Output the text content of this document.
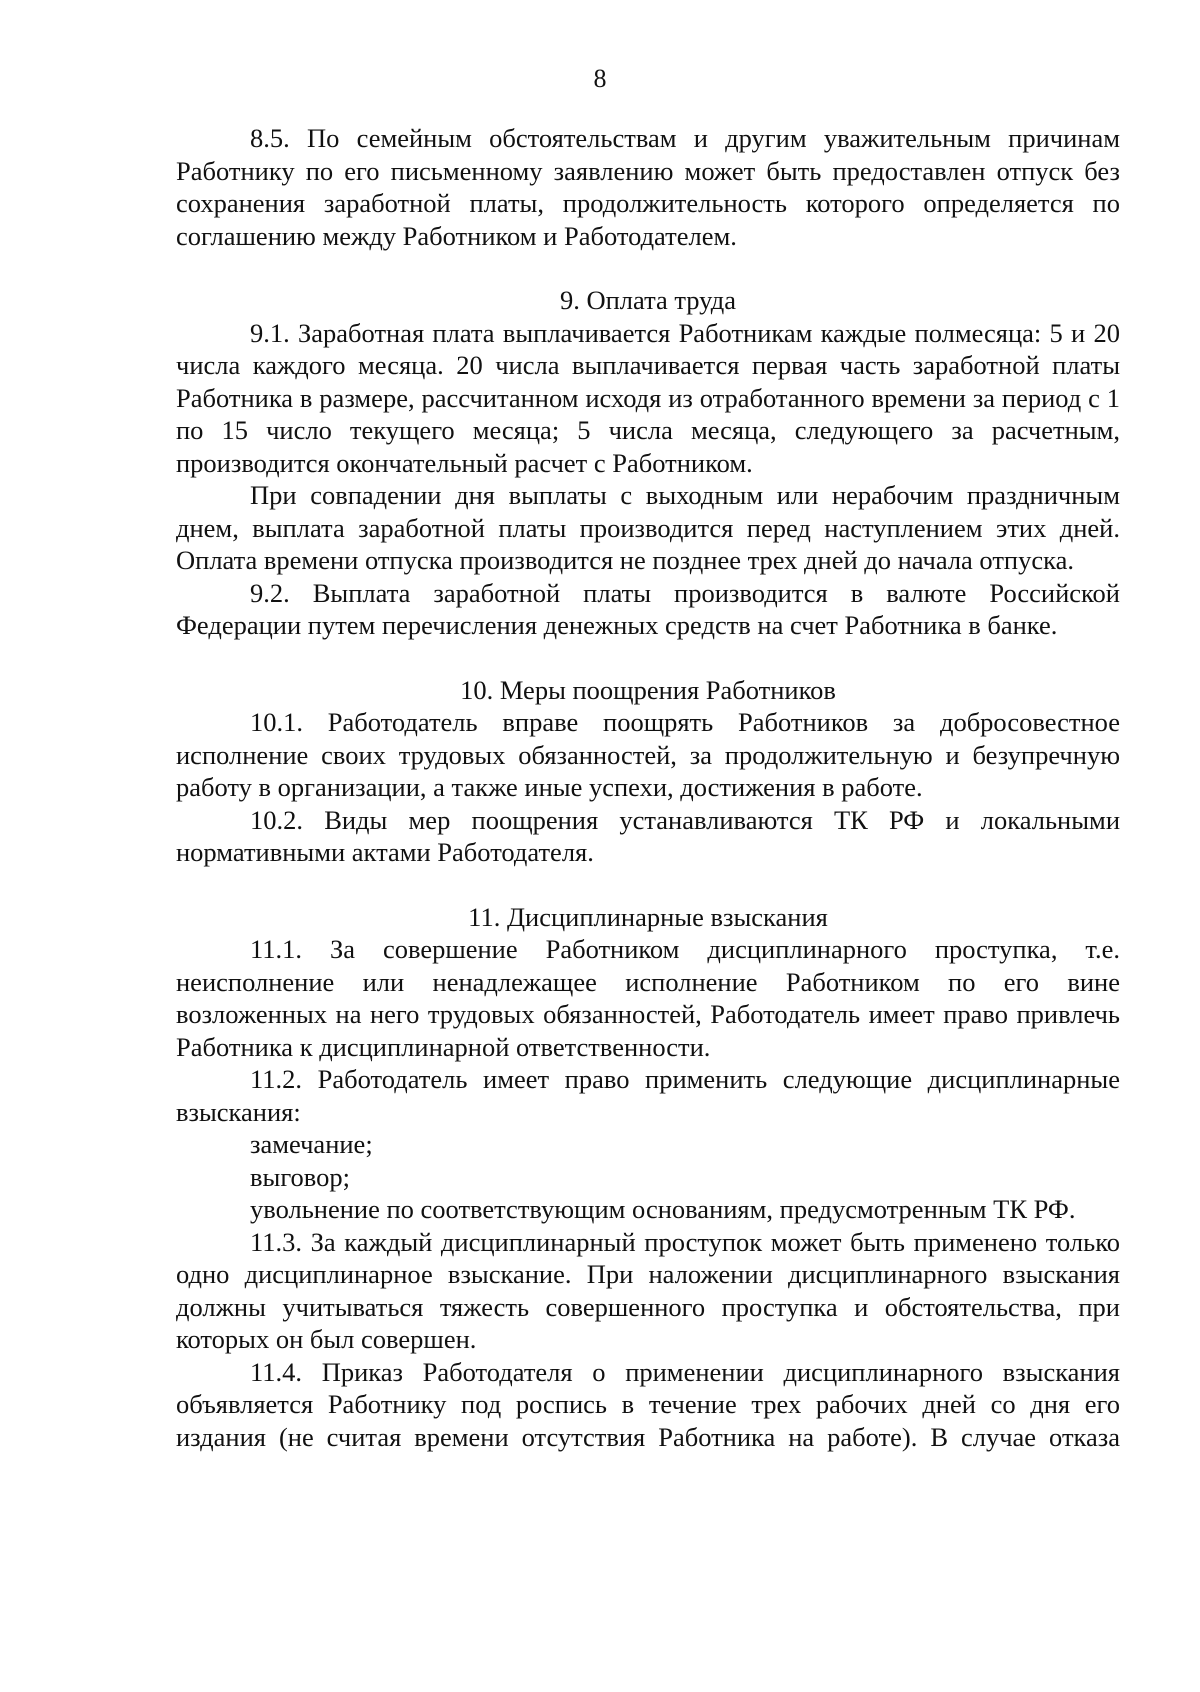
8

8.5. По семейным обстоятельствам и другим уважительным причинам Работнику по его письменному заявлению может быть предоставлен отпуск без сохранения заработной платы, продолжительность которого определяется по соглашению между Работником и Работодателем.

9. Оплата труда

9.1. Заработная плата выплачивается Работникам каждые полмесяца: 5 и 20 числа каждого месяца. 20 числа выплачивается первая часть заработной платы Работника в размере, рассчитанном исходя из отработанного времени за период с 1 по 15 число текущего месяца; 5 числа месяца, следующего за расчетным, производится окончательный расчет с Работником.

При совпадении дня выплаты с выходным или нерабочим праздничным днем, выплата заработной платы производится перед наступлением этих дней. Оплата времени отпуска производится не позднее трех дней до начала отпуска.

9.2. Выплата заработной платы производится в валюте Российской Федерации путем перечисления денежных средств на счет Работника в банке.

10. Меры поощрения Работников

10.1. Работодатель вправе поощрять Работников за добросовестное исполнение своих трудовых обязанностей, за продолжительную и безупречную работу в организации, а также иные успехи, достижения в работе.

10.2. Виды мер поощрения устанавливаются ТК РФ и локальными нормативными актами Работодателя.

11. Дисциплинарные взыскания

11.1. За совершение Работником дисциплинарного проступка, т.е. неисполнение или ненадлежащее исполнение Работником по его вине возложенных на него трудовых обязанностей, Работодатель имеет право привлечь Работника к дисциплинарной ответственности.

11.2. Работодатель имеет право применить следующие дисциплинарные взыскания:

замечание;

выговор;

увольнение по соответствующим основаниям, предусмотренным ТК РФ.

11.3. За каждый дисциплинарный проступок может быть применено только одно дисциплинарное взыскание. При наложении дисциплинарного взыскания должны учитываться тяжесть совершенного проступка и обстоятельства, при которых он был совершен.

11.4. Приказ Работодателя о применении дисциплинарного взыскания объявляется Работнику под роспись в течение трех рабочих дней со дня его издания (не считая времени отсутствия Работника на работе). В случае отказа
